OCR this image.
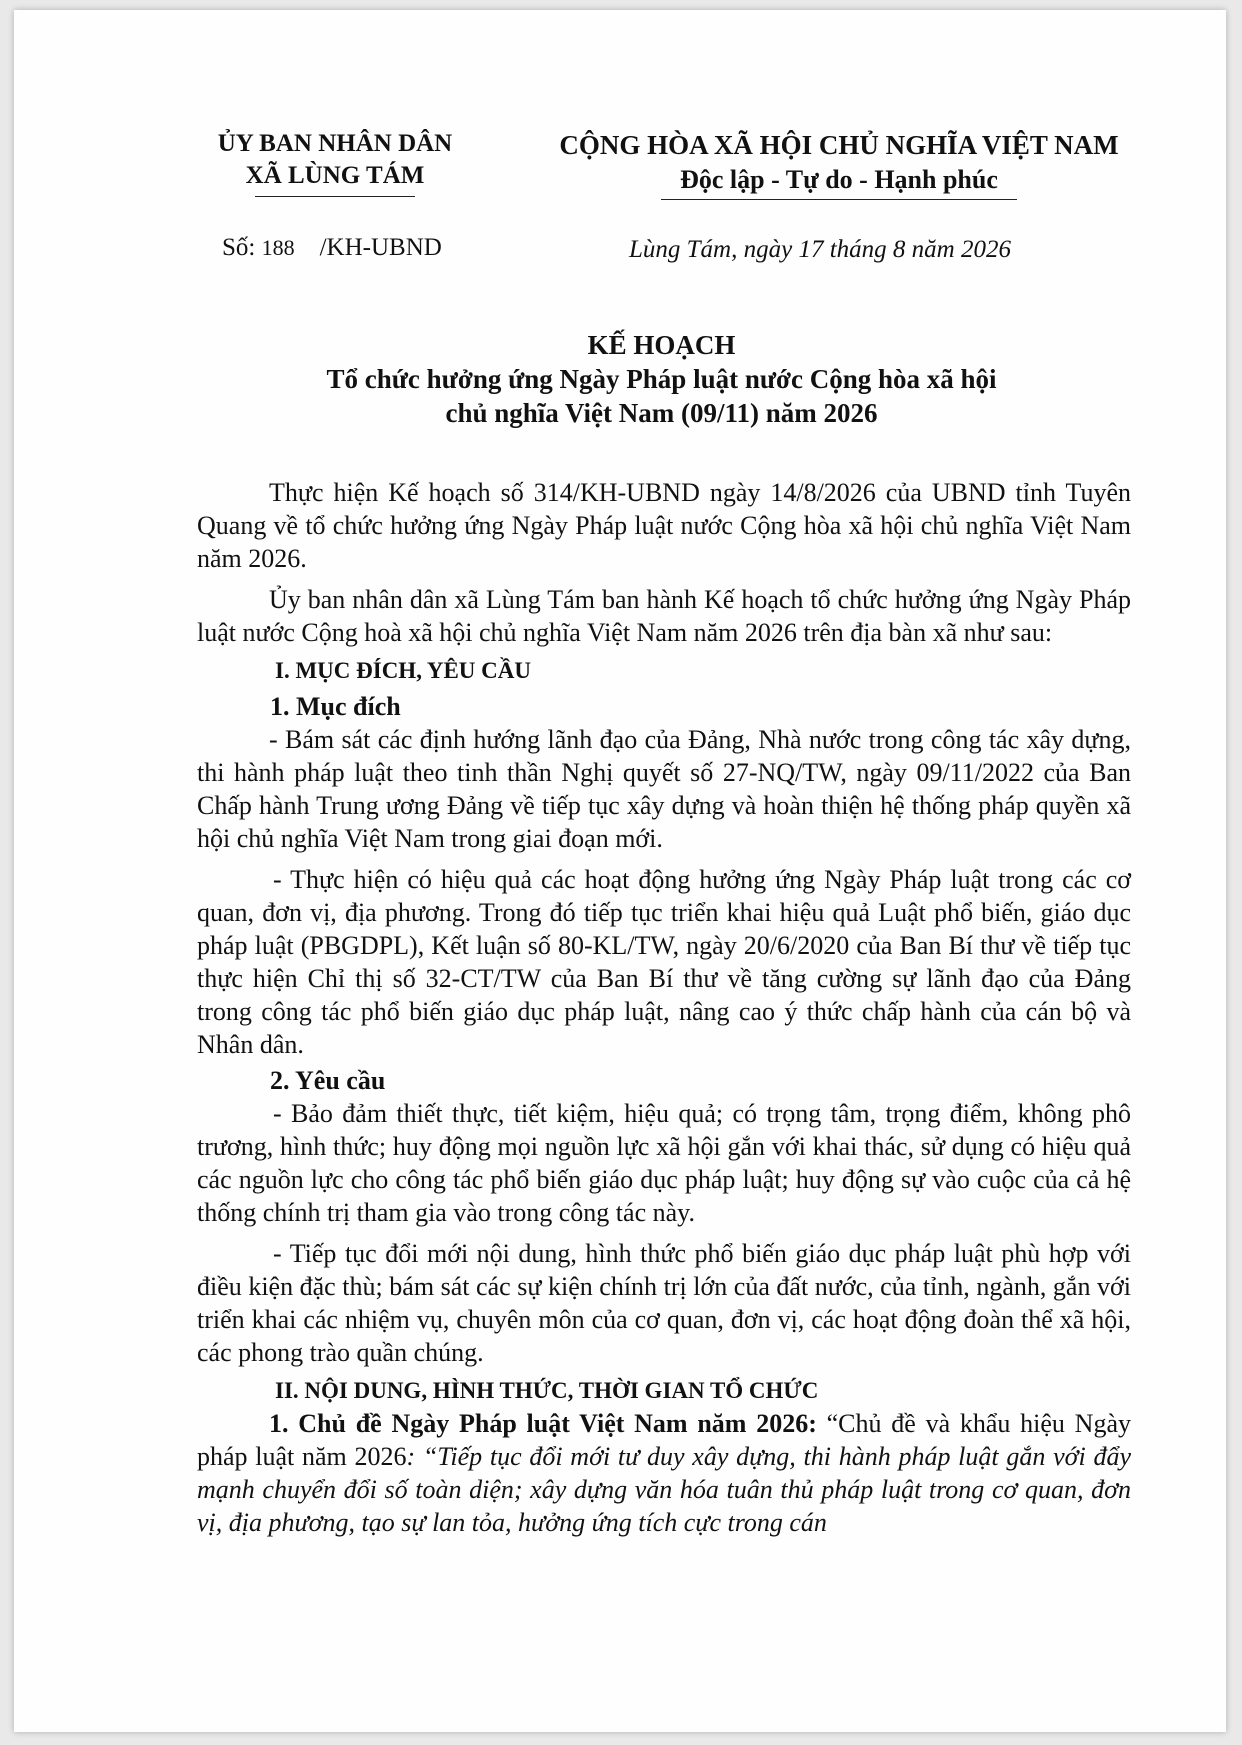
ỦY BAN NHÂN DÂN
XÃ LÙNG TÁM
CỘNG HÒA XÃ HỘI CHỦ NGHĨA VIỆT NAM
Độc lập - Tự do - Hạnh phúc
Số: 188 /KH-UBND	Lùng Tám, ngày 17 tháng 8 năm 2026
KẾ HOẠCH
Tổ chức hưởng ứng Ngày Pháp luật nước Cộng hòa xã hội
chủ nghĩa Việt Nam (09/11) năm 2026

Thực hiện Kế hoạch số 314/KH-UBND ngày 14/8/2026 của UBND tỉnh Tuyên Quang về tổ chức hưởng ứng Ngày Pháp luật nước Cộng hòa xã hội chủ nghĩa Việt Nam năm 2026.

Ủy ban nhân dân xã Lùng Tám ban hành Kế hoạch tổ chức hưởng ứng Ngày Pháp luật nước Cộng hoà xã hội chủ nghĩa Việt Nam năm 2026 trên địa bàn xã như sau:

I. MỤC ĐÍCH, YÊU CẦU

1. Mục đích

- Bám sát các định hướng lãnh đạo của Đảng, Nhà nước trong công tác xây dựng, thi hành pháp luật theo tinh thần Nghị quyết số 27-NQ/TW, ngày 09/11/2022 của Ban Chấp hành Trung ương Đảng về tiếp tục xây dựng và hoàn thiện hệ thống pháp quyền xã hội chủ nghĩa Việt Nam trong giai đoạn mới.

- Thực hiện có hiệu quả các hoạt động hưởng ứng Ngày Pháp luật trong các cơ quan, đơn vị, địa phương. Trong đó tiếp tục triển khai hiệu quả Luật phổ biến, giáo dục pháp luật (PBGDPL), Kết luận số 80-KL/TW, ngày 20/6/2020 của Ban Bí thư về tiếp tục thực hiện Chỉ thị số 32-CT/TW của Ban Bí thư về tăng cường sự lãnh đạo của Đảng trong công tác phổ biến giáo dục pháp luật, nâng cao ý thức chấp hành của cán bộ và Nhân dân.

2. Yêu cầu

- Bảo đảm thiết thực, tiết kiệm, hiệu quả; có trọng tâm, trọng điểm, không phô trương, hình thức; huy động mọi nguồn lực xã hội gắn với khai thác, sử dụng có hiệu quả các nguồn lực cho công tác phổ biến giáo dục pháp luật; huy động sự vào cuộc của cả hệ thống chính trị tham gia vào trong công tác này.

- Tiếp tục đổi mới nội dung, hình thức phổ biến giáo dục pháp luật phù hợp với điều kiện đặc thù; bám sát các sự kiện chính trị lớn của đất nước, của tỉnh, ngành, gắn với triển khai các nhiệm vụ, chuyên môn của cơ quan, đơn vị, các hoạt động đoàn thể xã hội, các phong trào quần chúng.

II. NỘI DUNG, HÌNH THỨC, THỜI GIAN TỔ CHỨC

1. Chủ đề Ngày Pháp luật Việt Nam năm 2026: “Chủ đề và khẩu hiệu Ngày pháp luật năm 2026: “Tiếp tục đổi mới tư duy xây dựng, thi hành pháp luật gắn với đẩy mạnh chuyển đổi số toàn diện; xây dựng văn hóa tuân thủ pháp luật trong cơ quan, đơn vị, địa phương, tạo sự lan tỏa, hưởng ứng tích cực trong cán
